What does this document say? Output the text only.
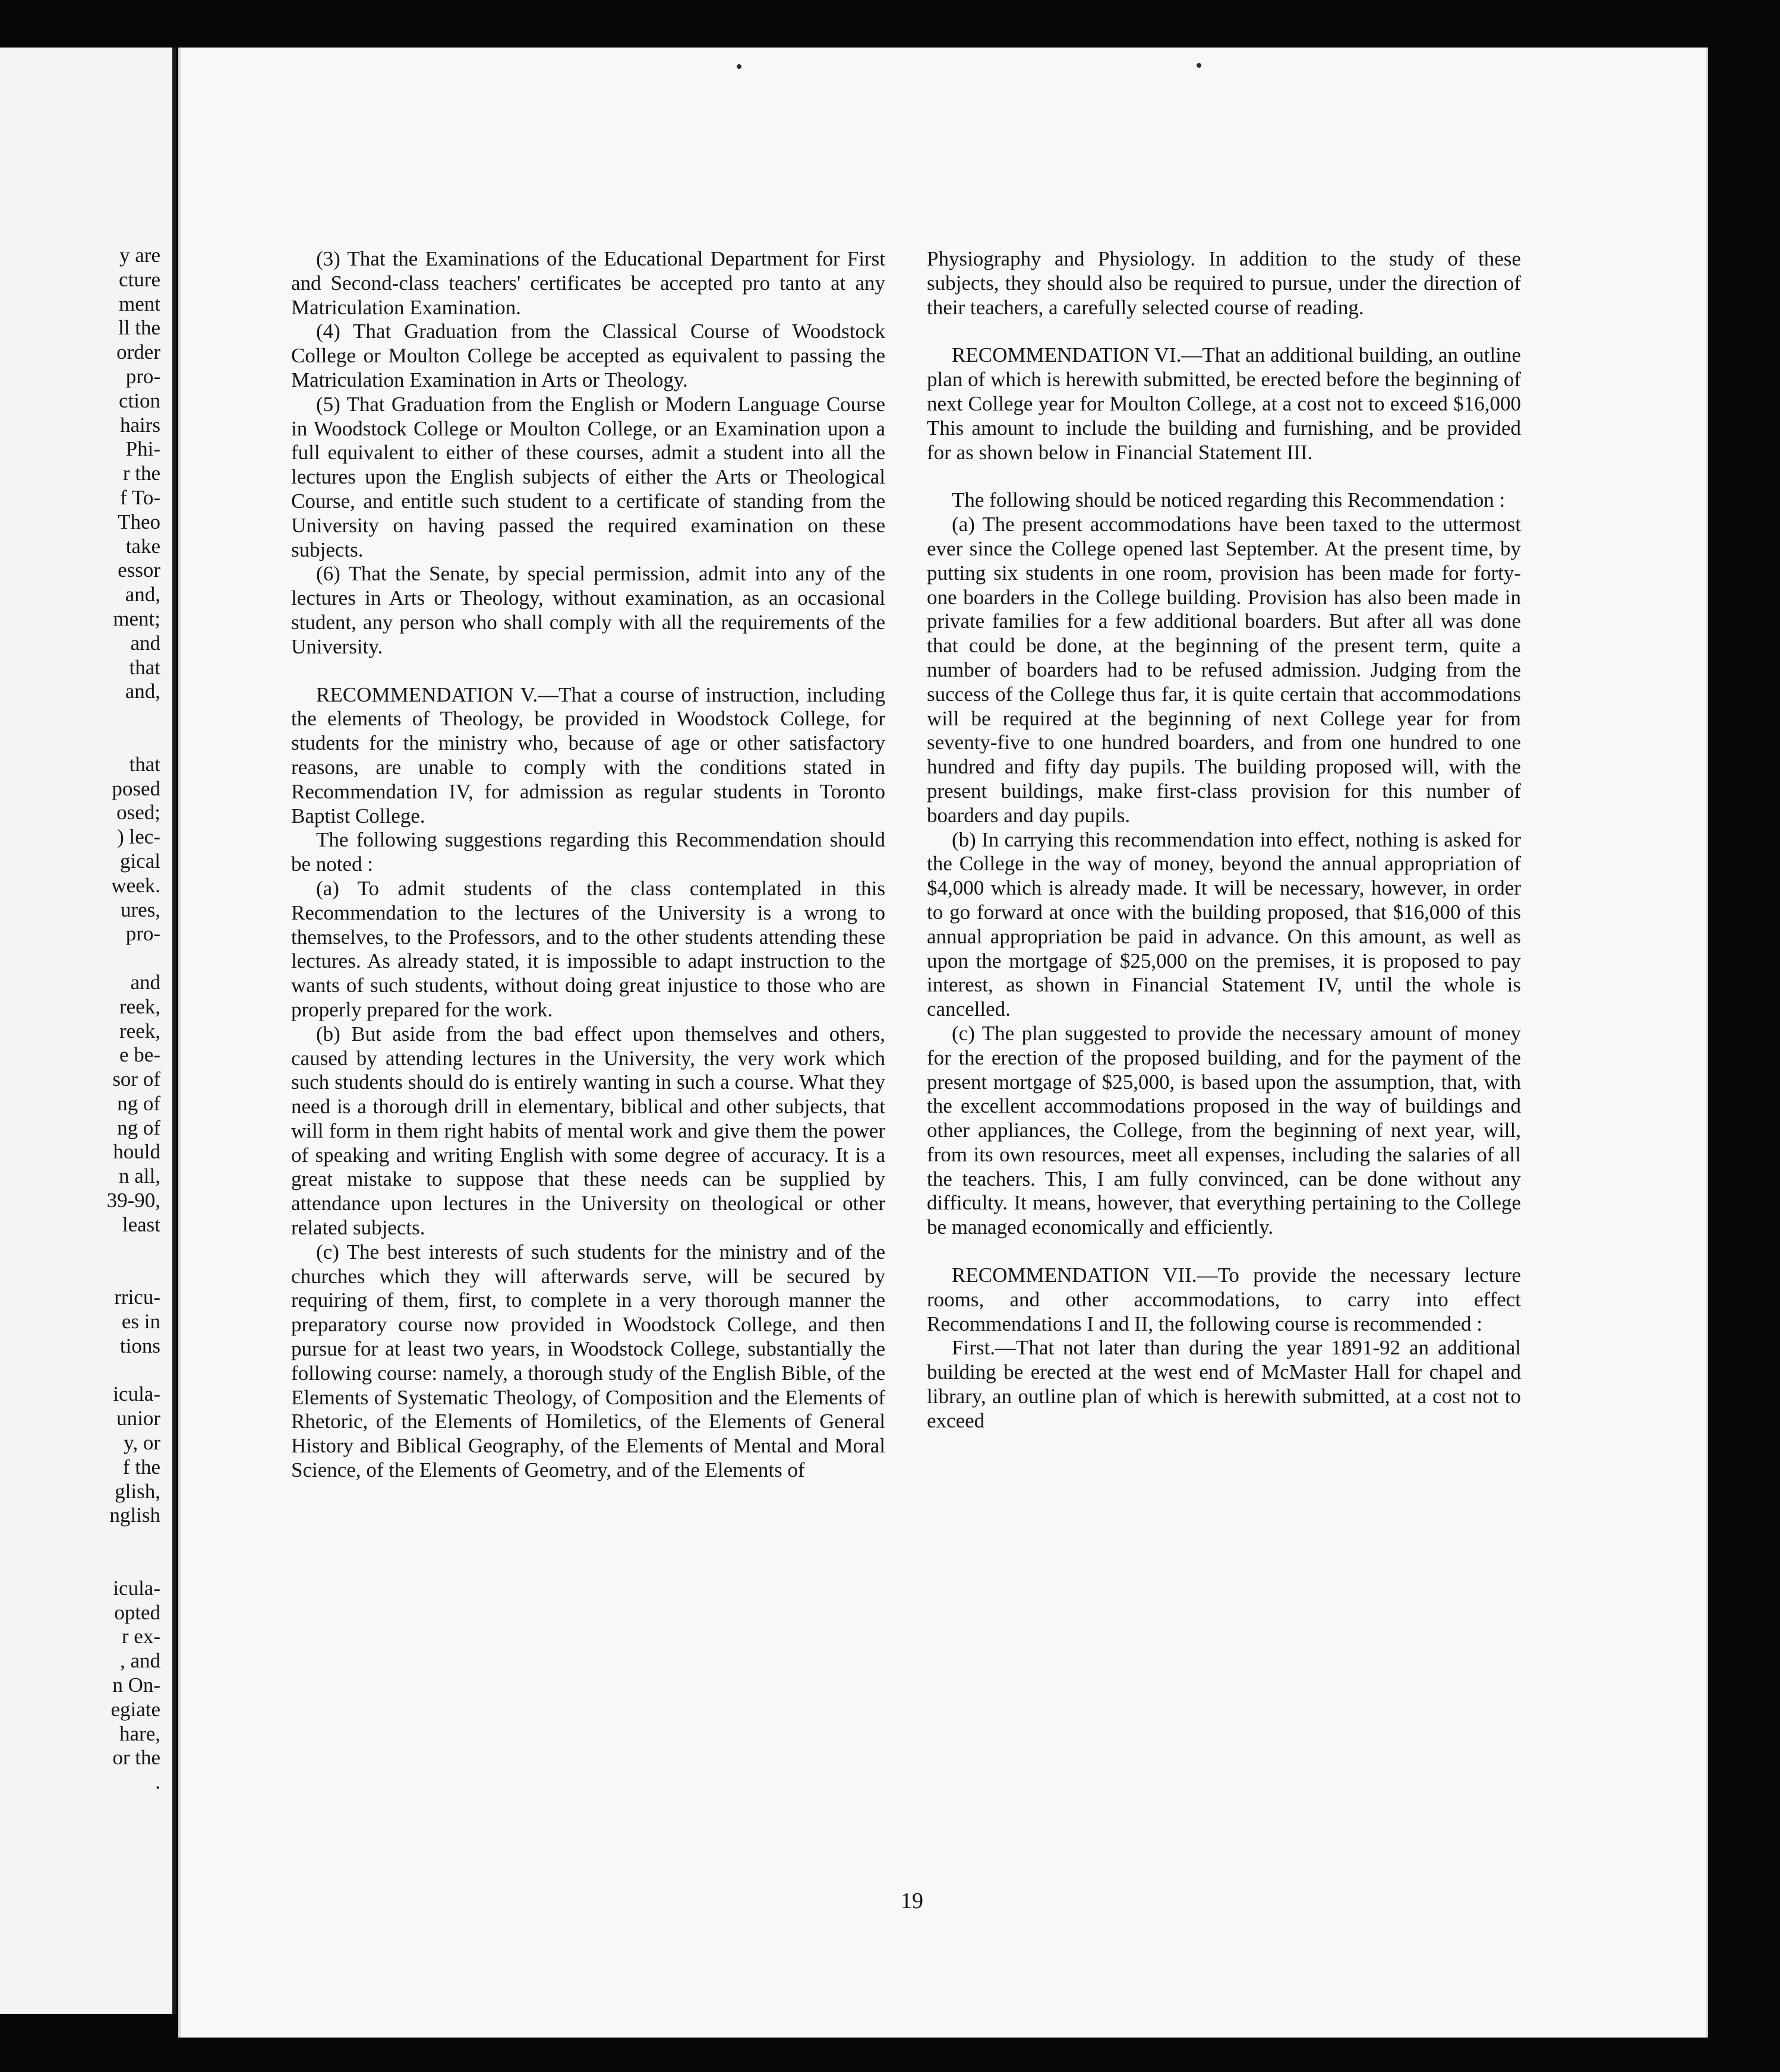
y are
cture
ment
ll the
order
pro-
ction
hairs
Phi-
r the
f To-
Theo
take
essor
and,
ment;
and
that
and,
that
posed
osed;
) lec-
gical
week.
ures,
pro-
and
reek,
reek,
e be-
sor of
ng of
ng of
hould
n all,
39-90,
least
rricu-
es in
tions
icula-
unior
y, or
f the
glish,
nglish
icula-
opted
r ex-
, and
n On-
egiate
hare,
or the
.

(3) That the Examinations of the Educational Department for First and Second-class teachers' certificates be accepted pro tanto at any Matriculation Examination.

(4) That Graduation from the Classical Course of Woodstock College or Moulton College be accepted as equivalent to passing the Matriculation Examination in Arts or Theology.

(5) That Graduation from the English or Modern Language Course in Woodstock College or Moulton College, or an Examination upon a full equivalent to either of these courses, admit a student into all the lectures upon the English subjects of either the Arts or Theological Course, and entitle such student to a certificate of standing from the University on having passed the required examination on these subjects.

(6) That the Senate, by special permission, admit into any of the lectures in Arts or Theology, without examination, as an occasional student, any person who shall comply with all the requirements of the University.

RECOMMENDATION V.—That a course of instruction, including the elements of Theology, be provided in Woodstock College, for students for the ministry who, because of age or other satisfactory reasons, are unable to comply with the conditions stated in Recommendation IV, for admission as regular students in Toronto Baptist College.

The following suggestions regarding this Recommendation should be noted :

(a) To admit students of the class contemplated in this Recommendation to the lectures of the University is a wrong to themselves, to the Professors, and to the other students attending these lectures. As already stated, it is impossible to adapt instruction to the wants of such students, without doing great injustice to those who are properly prepared for the work.

(b) But aside from the bad effect upon themselves and others, caused by attending lectures in the University, the very work which such students should do is entirely wanting in such a course. What they need is a thorough drill in elementary, biblical and other subjects, that will form in them right habits of mental work and give them the power of speaking and writing English with some degree of accuracy. It is a great mistake to suppose that these needs can be supplied by attendance upon lectures in the University on theological or other related subjects.

(c) The best interests of such students for the ministry and of the churches which they will afterwards serve, will be secured by requiring of them, first, to complete in a very thorough manner the preparatory course now provided in Woodstock College, and then pursue for at least two years, in Woodstock College, substantially the following course: namely, a thorough study of the English Bible, of the Elements of Systematic Theology, of Composition and the Elements of Rhetoric, of the Elements of Homiletics, of the Elements of General History and Biblical Geography, of the Elements of Mental and Moral Science, of the Elements of Geometry, and of the Elements of

Physiography and Physiology. In addition to the study of these subjects, they should also be required to pursue, under the direction of their teachers, a carefully selected course of reading.

RECOMMENDATION VI.—That an additional building, an outline plan of which is herewith submitted, be erected before the beginning of next College year for Moulton College, at a cost not to exceed $16,000 This amount to include the building and furnishing, and be provided for as shown below in Financial Statement III.

The following should be noticed regarding this Recommendation :

(a) The present accommodations have been taxed to the uttermost ever since the College opened last September. At the present time, by putting six students in one room, provision has been made for forty-one boarders in the College building. Provision has also been made in private families for a few additional boarders. But after all was done that could be done, at the beginning of the present term, quite a number of boarders had to be refused admission. Judging from the success of the College thus far, it is quite certain that accommodations will be required at the beginning of next College year for from seventy-five to one hundred boarders, and from one hundred to one hundred and fifty day pupils. The building proposed will, with the present buildings, make first-class provision for this number of boarders and day pupils.

(b) In carrying this recommendation into effect, nothing is asked for the College in the way of money, beyond the annual appropriation of $4,000 which is already made. It will be necessary, however, in order to go forward at once with the building proposed, that $16,000 of this annual appropriation be paid in advance. On this amount, as well as upon the mortgage of $25,000 on the premises, it is proposed to pay interest, as shown in Financial Statement IV, until the whole is cancelled.

(c) The plan suggested to provide the necessary amount of money for the erection of the proposed building, and for the payment of the present mortgage of $25,000, is based upon the assumption, that, with the excellent accommodations proposed in the way of buildings and other appliances, the College, from the beginning of next year, will, from its own resources, meet all expenses, including the salaries of all the teachers. This, I am fully convinced, can be done without any difficulty. It means, however, that everything pertaining to the College be managed economically and efficiently.

RECOMMENDATION VII.—To provide the necessary lecture rooms, and other accommodations, to carry into effect Recommendations I and II, the following course is recommended :

First.—That not later than during the year 1891-92 an additional building be erected at the west end of McMaster Hall for chapel and library, an outline plan of which is herewith submitted, at a cost not to exceed

19
